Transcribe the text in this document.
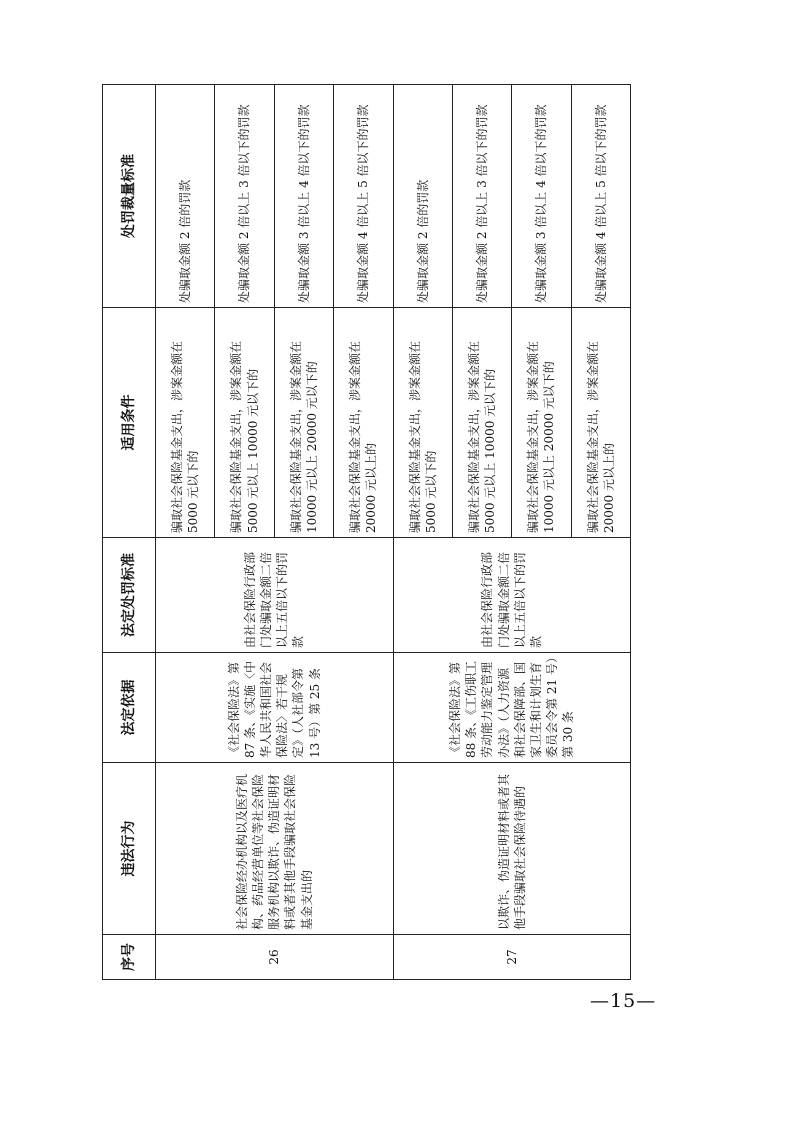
序号	违法行为	法定依据	法定处罚标准	适用条件	处罚裁量标准
26	社会保险经办机构以及医疗机构、药品经营单位等社会保险服务机构以欺诈、伪造证明材料或者其他手段骗取社会保险基金支出的	《社会保险法》第 87 条、《实施〈中华人民共和国社会保险法〉若干规定》（人社部令第 13 号）第 25 条	由社会保险行政部门处骗取金额二倍以上五倍以下的罚款	骗取社会保险基金支出，涉案金额在 5000 元以下的	处骗取金额 2 倍的罚款
				骗取社会保险基金支出，涉案金额在 5000 元以上 10000 元以下的	处骗取金额 2 倍以上 3 倍以下的罚款
				骗取社会保险基金支出，涉案金额在 10000 元以上 20000 元以下的	处骗取金额 3 倍以上 4 倍以下的罚款
				骗取社会保险基金支出，涉案金额在 20000 元以上的	处骗取金额 4 倍以上 5 倍以下的罚款
27	以欺诈、伪造证明材料或者其他手段骗取社会保险待遇的	《社会保险法》第 88 条、《工伤职工劳动能力鉴定管理办法》（人力资源和社会保障部、国家卫生和计划生育委员会令第 21 号）第 30 条	由社会保险行政部门处骗取金额二倍以上五倍以下的罚款	骗取社会保险基金支出，涉案金额在 5000 元以下的	处骗取金额 2 倍的罚款
				骗取社会保险基金支出，涉案金额在 5000 元以上 10000 元以下的	处骗取金额 2 倍以上 3 倍以下的罚款
				骗取社会保险基金支出，涉案金额在 10000 元以上 20000 元以下的	处骗取金额 3 倍以上 4 倍以下的罚款
				骗取社会保险基金支出，涉案金额在 20000 元以上的	处骗取金额 4 倍以上 5 倍以下的罚款
—15—
